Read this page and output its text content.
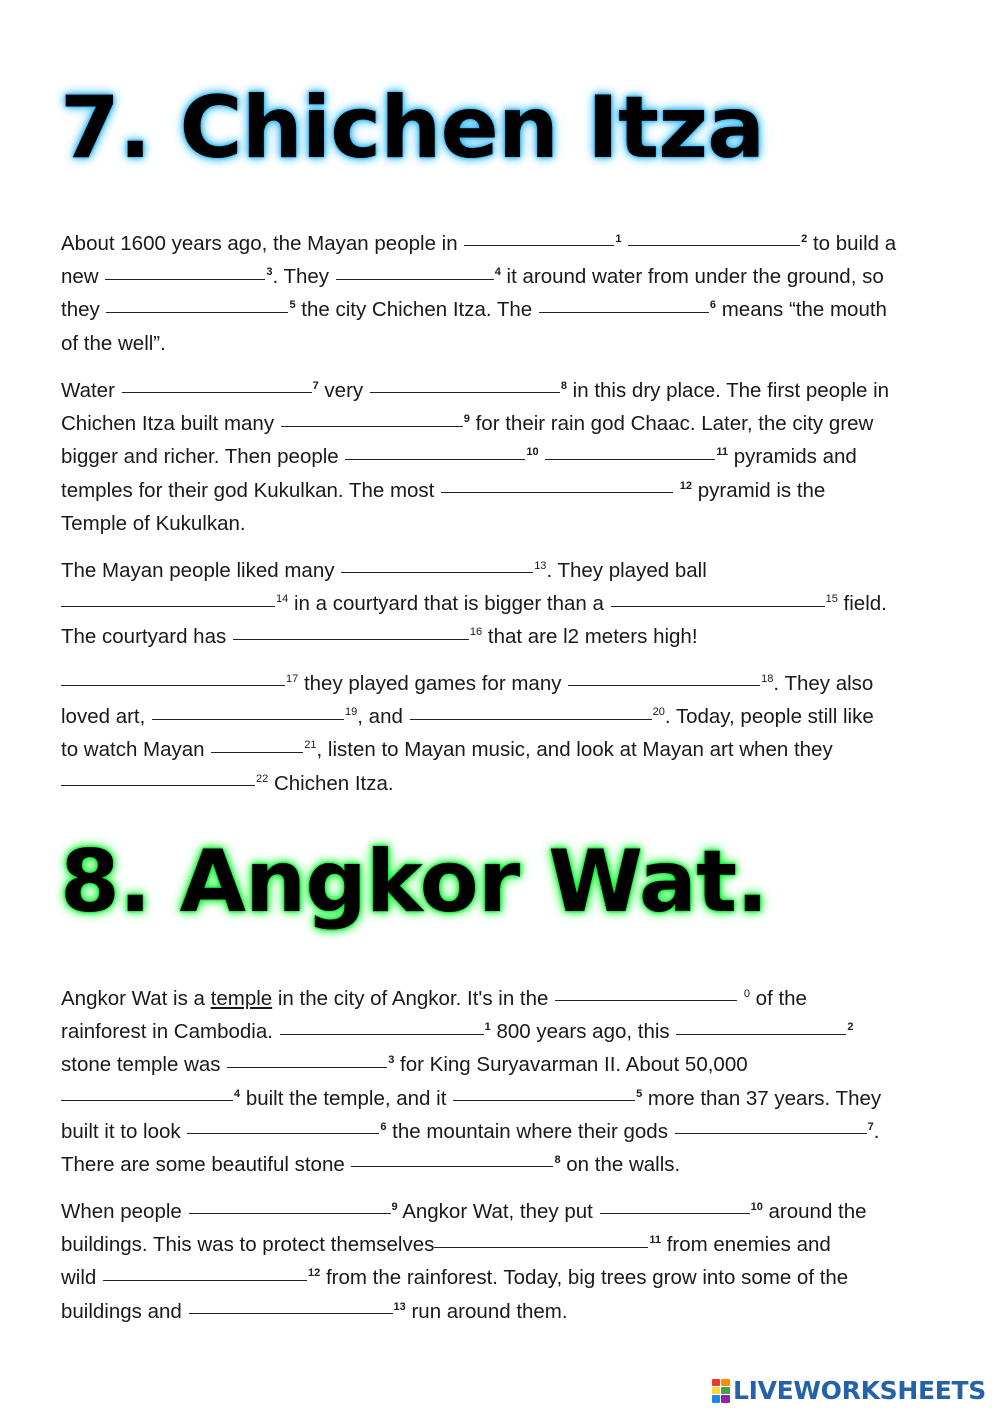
7. Chichen Itza
About 1600 years ago, the Mayan people in	$^1$	$^2$ to build a
new	$^3$. They	$^4$ it around water from under the ground, so
they	$^5$ the city Chichen Itza. The	$^6$ means “the mouth
of the well”.
Water	$^7$ very	$^8$ in this dry place. The first people in
Chichen Itza built many	$^9$ for their rain god Chaac. Later, the city grew
bigger and richer. Then people	$^{10}$	$^{11}$ pyramids and
temples for their god Kukulkan. The most	$^{12}$ pyramid is the
Temple of Kukulkan.
The Mayan people liked many	$^{13}$. They played ball
$^{14}$ in a courtyard that is bigger than a	$^{15}$ field.
The courtyard has	$^{16}$ that are l2 meters high!
$^{17}$ they played games for many	$^{18}$. They also
loved art,	$^{19}$, and	$^{20}$. Today, people still like
to watch Mayan	$^{21}$, listen to Mayan music, and look at Mayan art when they
$^{22}$ Chichen Itza.
8. Angkor Wat.
Angkor Wat is a temple in the city of Angkor. It's in the	$^0$ of the
rainforest in Cambodia.	$^1$ 800 years ago, this	$^2$
stone temple was	$^3$ for King Suryavarman II. About 50,000
$^4$ built the temple, and it	$^5$ more than 37 years. They
built it to look	$^6$ the mountain where their gods	$^7$.
There are some beautiful stone	$^8$ on the walls.
When people	$^9$ Angkor Wat, they put	$^{10}$ around the
buildings. This was to protect themselves	$^{11}$ from enemies and
wild	$^{12}$ from the rainforest. Today, big trees grow into some of the
buildings and	$^{13}$ run around them.
LIVEWORKSHEETS
